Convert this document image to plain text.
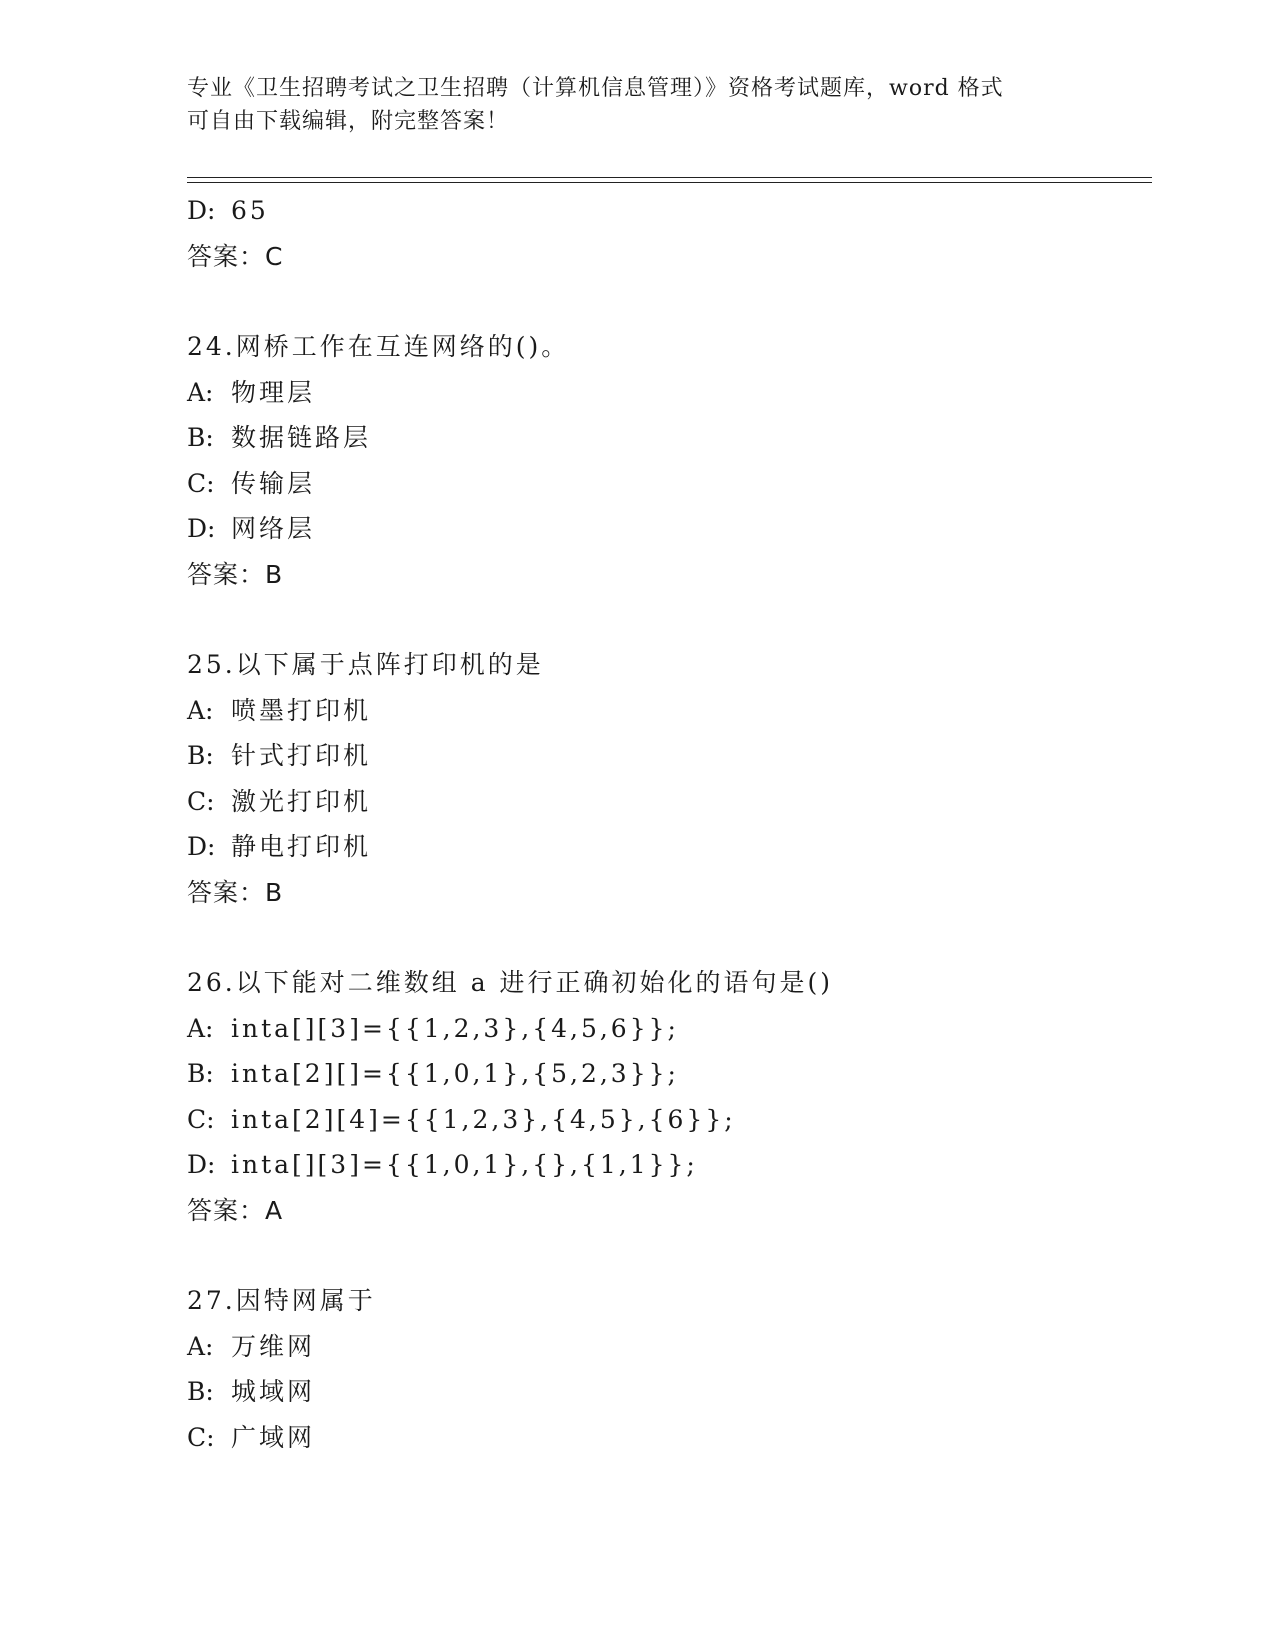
专业《卫生招聘考试之卫生招聘（计算机信息管理）》资格考试题库，word 格式
可自由下载编辑，附完整答案！
D: 65
答案：C
24.网桥工作在互连网络的()。
A: 物理层
B: 数据链路层
C: 传输层
D: 网络层
答案：B
25.以下属于点阵打印机的是
A: 喷墨打印机
B: 针式打印机
C: 激光打印机
D: 静电打印机
答案：B
26.以下能对二维数组 a 进行正确初始化的语句是()
A: inta[][3]={{1,2,3},{4,5,6}};
B: inta[2][]={{1,0,1},{5,2,3}};
C: inta[2][4]={{1,2,3},{4,5},{6}};
D: inta[][3]={{1,0,1},{},{1,1}};
答案：A
27.因特网属于
A: 万维网
B: 城域网
C: 广域网
